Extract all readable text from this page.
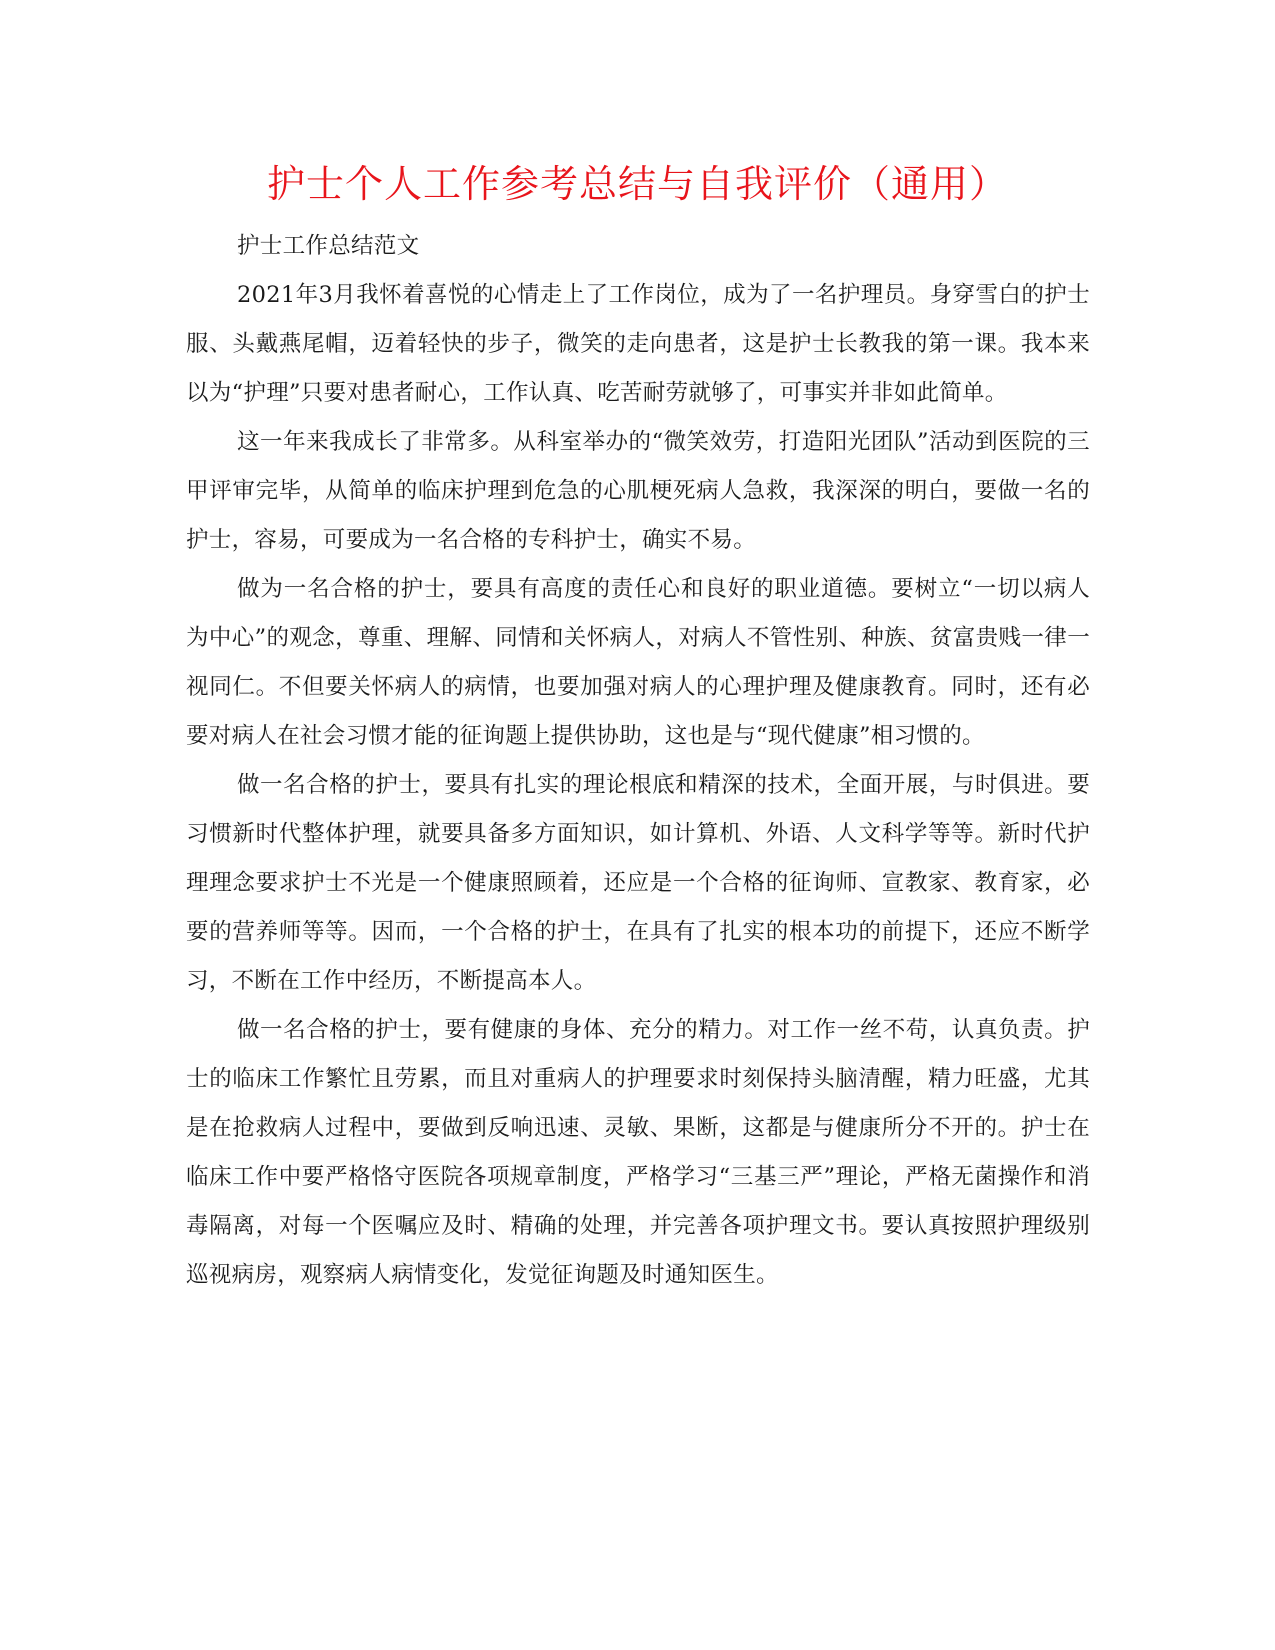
护士个人工作参考总结与自我评价（通用）

护士工作总结范文

2021年3月我怀着喜悦的心情走上了工作岗位，成为了一名护理员。身穿雪白的护士服、头戴燕尾帽，迈着轻快的步子，微笑的走向患者，这是护士长教我的第一课。我本来以为“护理”只要对患者耐心，工作认真、吃苦耐劳就够了，可事实并非如此简单。

这一年来我成长了非常多。从科室举办的“微笑效劳，打造阳光团队”活动到医院的三甲评审完毕，从简单的临床护理到危急的心肌梗死病人急救，我深深的明白，要做一名的护士，容易，可要成为一名合格的专科护士，确实不易。

做为一名合格的护士，要具有高度的责任心和良好的职业道德。要树立“一切以病人为中心”的观念，尊重、理解、同情和关怀病人，对病人不管性别、种族、贫富贵贱一律一视同仁。不但要关怀病人的病情，也要加强对病人的心理护理及健康教育。同时，还有必要对病人在社会习惯才能的征询题上提供协助，这也是与“现代健康”相习惯的。

做一名合格的护士，要具有扎实的理论根底和精深的技术，全面开展，与时俱进。要习惯新时代整体护理，就要具备多方面知识，如计算机、外语、人文科学等等。新时代护理理念要求护士不光是一个健康照顾着，还应是一个合格的征询师、宣教家、教育家，必要的营养师等等。因而，一个合格的护士，在具有了扎实的根本功的前提下，还应不断学习，不断在工作中经历，不断提高本人。

做一名合格的护士，要有健康的身体、充分的精力。对工作一丝不苟，认真负责。护士的临床工作繁忙且劳累，而且对重病人的护理要求时刻保持头脑清醒，精力旺盛，尤其是在抢救病人过程中，要做到反响迅速、灵敏、果断，这都是与健康所分不开的。护士在临床工作中要严格恪守医院各项规章制度，严格学习“三基三严”理论，严格无菌操作和消毒隔离，对每一个医嘱应及时、精确的处理，并完善各项护理文书。要认真按照护理级别巡视病房，观察病人病情变化，发觉征询题及时通知医生。
